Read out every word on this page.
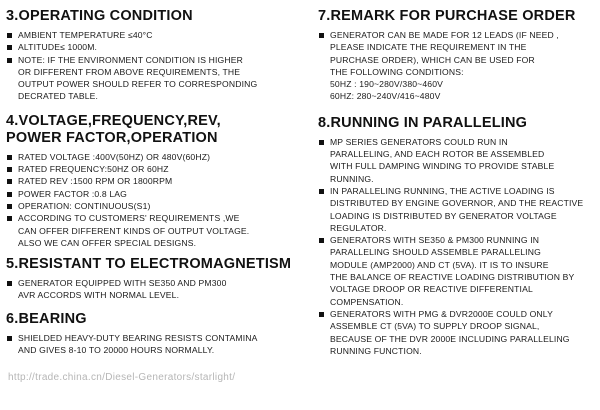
3.OPERATING CONDITION
AMBIENT TEMPERATURE ≤40°C
ALTITUDE≤ 1000M.
NOTE: IF THE ENVIRONMENT CONDITION IS HIGHER
OR DIFFERENT FROM ABOVE REQUIREMENTS, THE
OUTPUT POWER SHOULD REFER TO CORRESPONDING
DECRATED TABLE.
4.VOLTAGE,FREQUENCY,REV,
POWER FACTOR,OPERATION
RATED VOLTAGE :400V(50HZ) OR 480V(60HZ)
RATED FREQUENCY:50HZ OR 60HZ
RATED REV :1500 RPM OR 1800RPM
POWER FACTOR :0.8 LAG
OPERATION: CONTINUOUS(S1)
ACCORDING TO CUSTOMERS' REQUIREMENTS ,WE
CAN OFFER DIFFERENT KINDS OF OUTPUT VOLTAGE.
ALSO WE CAN OFFER SPECIAL DESIGNS.
5.RESISTANT TO ELECTROMAGNETISM
GENERATOR EQUIPPED WITH SE350 AND PM300
AVR ACCORDS WITH NORMAL LEVEL.
6.BEARING
SHIELDED HEAVY-DUTY BEARING RESISTS CONTAMINA
AND GIVES 8-10 TO 20000 HOURS NORMALLY.
7.REMARK FOR PURCHASE ORDER
GENERATOR CAN BE MADE FOR 12 LEADS (IF NEED ,
PLEASE INDICATE THE REQUIREMENT IN THE
PURCHASE ORDER), WHICH CAN BE USED FOR
THE FOLLOWING CONDITIONS:
50HZ : 190~280V/380~460V
60HZ: 280~240V/416~480V
8.RUNNING IN PARALLELING
MP SERIES GENERATORS COULD RUN IN
PARALLELING, AND EACH ROTOR BE ASSEMBLED
WITH FULL DAMPING WINDING TO PROVIDE STABLE
RUNNING.
IN PARALLELING RUNNING, THE ACTIVE LOADING IS
DISTRIBUTED BY ENGINE GOVERNOR, AND THE REACTIVE
LOADING IS DISTRIBUTED BY GENERATOR VOLTAGE
REGULATOR.
GENERATORS WITH SE350 & PM300 RUNNING IN
PARALLELING SHOULD ASSEMBLE PARALLELING
MODULE (AMP2000) AND CT (5VA). IT IS TO INSURE
THE BALANCE OF REACTIVE LOADING DISTRIBUTION BY
VOLTAGE DROOP OR REACTIVE DIFFERENTIAL
COMPENSATION.
GENERATORS WITH PMG & DVR2000E COULD ONLY
ASSEMBLE CT (5VA) TO SUPPLY DROOP SIGNAL,
BECAUSE OF THE DVR 2000E INCLUDING PARALLELING
RUNNING FUNCTION.
http://trade.china.cn/Diesel-Generators/starlight/
